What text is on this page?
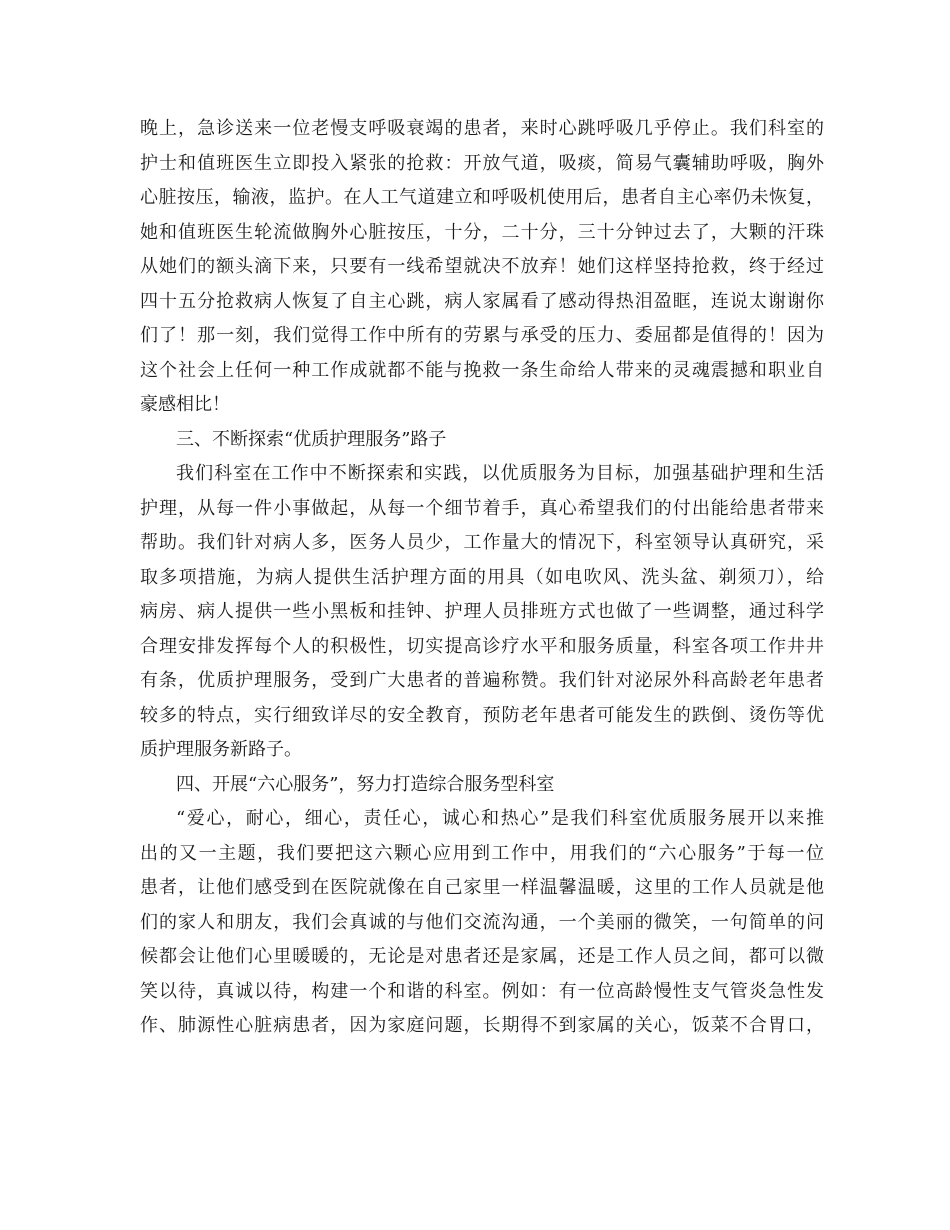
晚上，急诊送来一位老慢支呼吸衰竭的患者，来时心跳呼吸几乎停止。我们科室的
护士和值班医生立即投入紧张的抢救：开放气道，吸痰，简易气囊辅助呼吸，胸外
心脏按压，输液，监护。在人工气道建立和呼吸机使用后，患者自主心率仍未恢复，
她和值班医生轮流做胸外心脏按压，十分，二十分，三十分钟过去了，大颗的汗珠
从她们的额头滴下来，只要有一线希望就决不放弃！她们这样坚持抢救，终于经过
四十五分抢救病人恢复了自主心跳，病人家属看了感动得热泪盈眶，连说太谢谢你
们了！那一刻，我们觉得工作中所有的劳累与承受的压力、委屈都是值得的！因为
这个社会上任何一种工作成就都不能与挽救一条生命给人带来的灵魂震撼和职业自
豪感相比！
三、不断探索“优质护理服务”路子
我们科室在工作中不断探索和实践，以优质服务为目标，加强基础护理和生活
护理，从每一件小事做起，从每一个细节着手，真心希望我们的付出能给患者带来
帮助。我们针对病人多，医务人员少，工作量大的情况下，科室领导认真研究，采
取多项措施，为病人提供生活护理方面的用具（如电吹风、洗头盆、剃须刀），给
病房、病人提供一些小黑板和挂钟、护理人员排班方式也做了一些调整，通过科学
合理安排发挥每个人的积极性，切实提高诊疗水平和服务质量，科室各项工作井井
有条，优质护理服务，受到广大患者的普遍称赞。我们针对泌尿外科高龄老年患者
较多的特点，实行细致详尽的安全教育，预防老年患者可能发生的跌倒、烫伤等优
质护理服务新路子。
四、开展“六心服务”，努力打造综合服务型科室
“爱心，耐心，细心，责任心，诚心和热心”是我们科室优质服务展开以来推
出的又一主题，我们要把这六颗心应用到工作中，用我们的“六心服务”于每一位
患者，让他们感受到在医院就像在自己家里一样温馨温暖，这里的工作人员就是他
们的家人和朋友，我们会真诚的与他们交流沟通，一个美丽的微笑，一句简单的问
候都会让他们心里暖暖的，无论是对患者还是家属，还是工作人员之间，都可以微
笑以待，真诚以待，构建一个和谐的科室。例如：有一位高龄慢性支气管炎急性发
作、肺源性心脏病患者，因为家庭问题，长期得不到家属的关心，饭菜不合胃口，
